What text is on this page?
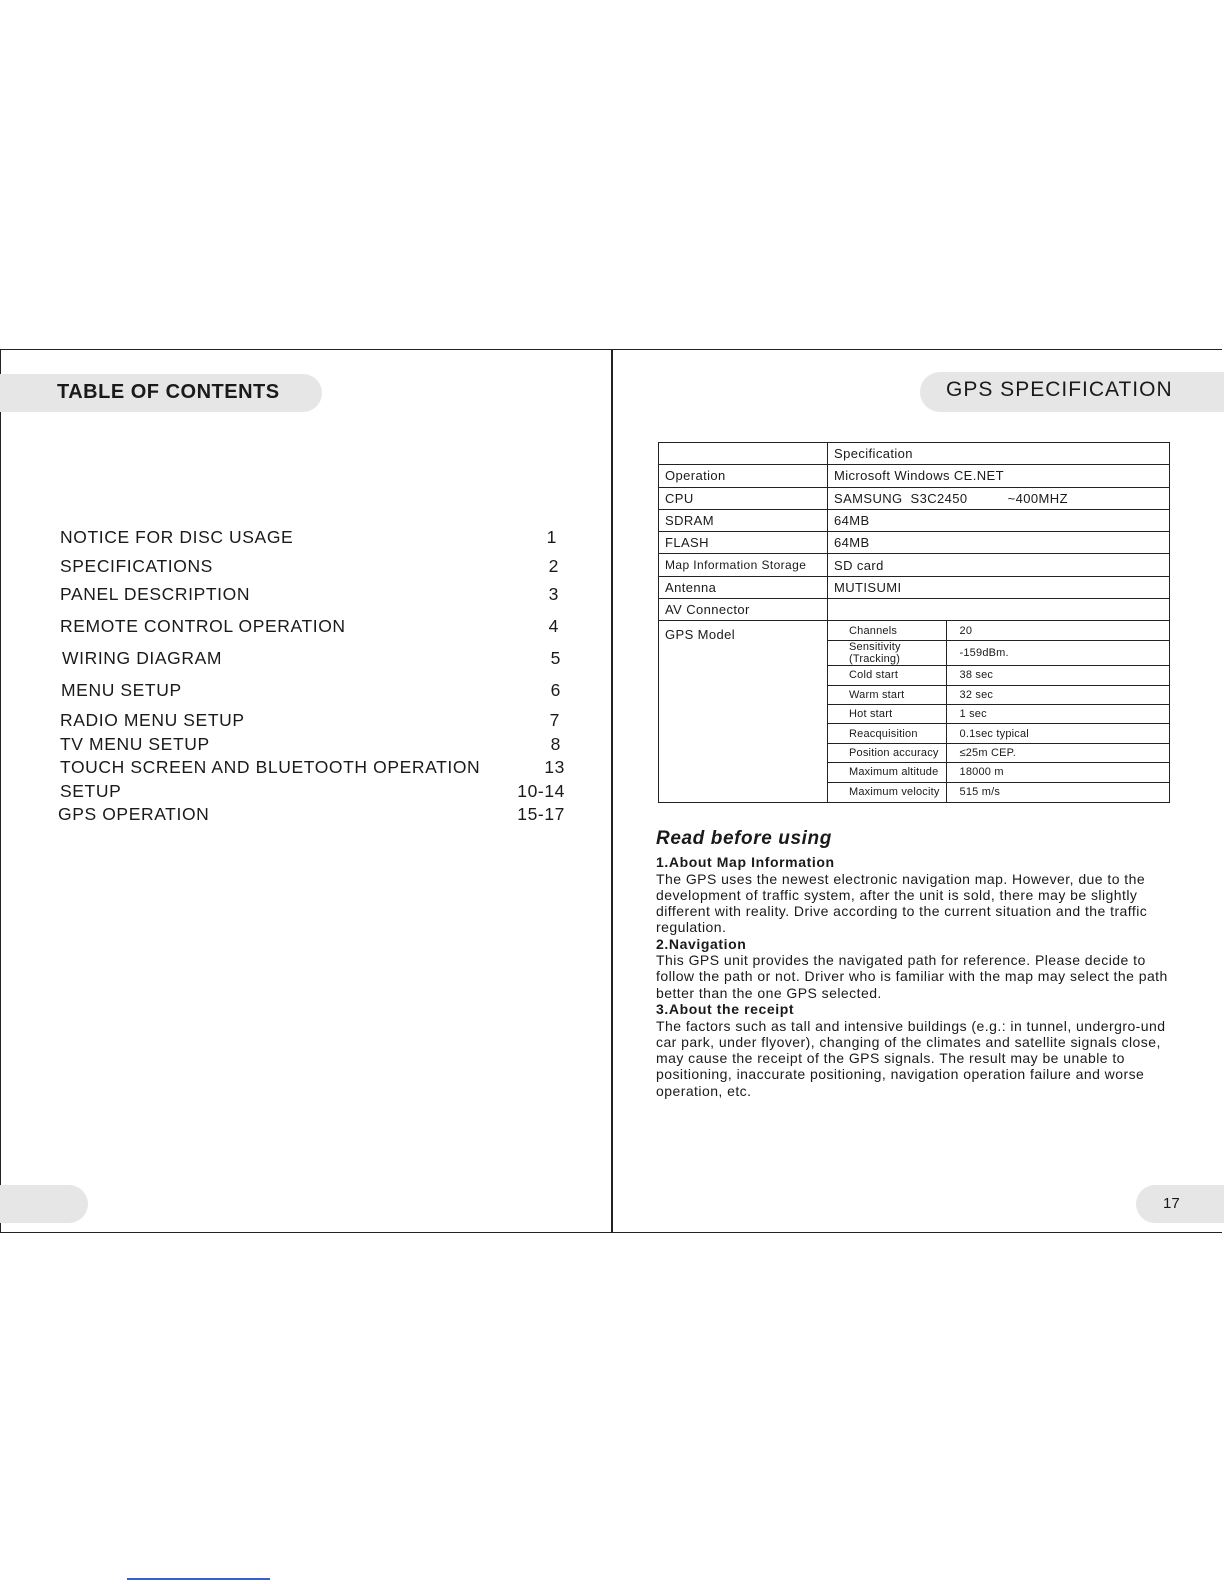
TABLE OF CONTENTS
NOTICE FOR DISC USAGE	1
SPECIFICATIONS	2
PANEL DESCRIPTION	3
REMOTE CONTROL OPERATION	4
WIRING DIAGRAM	5
MENU SETUP	6
RADIO MENU SETUP	7
TV MENU SETUP	8
TOUCH SCREEN AND BLUETOOTH OPERATION	13
SETUP	10-14
GPS OPERATION	15-17
GPS SPECIFICATION
	Specification
Operation	Microsoft Windows CE.NET
CPU	SAMSUNG  S3C2450          ~400MHZ
SDRAM	64MB
FLASH	64MB
Map Information Storage	SD card
Antenna	MUTISUMI
AV Connector	
GPS Model		Channels	20
Sensitivity (Tracking)	-159dBm.
Cold start	38 sec
Warm start	32 sec
Hot start	1 sec
Reacquisition	0.1sec typical
Position accuracy	≤25m CEP.
Maximum altitude	18000 m
Maximum velocity	515 m/s
Read before using
1.About Map Information

The GPS uses the newest electronic navigation map. However, due to the development of traffic system, after the unit is sold, there may be slightly different with reality. Drive according to the current situation and the traffic regulation.

2.Navigation

This GPS unit provides the navigated path for reference. Please decide to follow the path or not. Driver who is familiar with the map may select the path better than the one GPS selected.

3.About the receipt

The factors such as tall and intensive buildings (e.g.: in tunnel, undergro-und car park, under flyover), changing of the climates and satellite signals close, may cause the receipt of the GPS signals. The result may be unable to positioning, inaccurate positioning, navigation operation failure and worse operation, etc.

17
